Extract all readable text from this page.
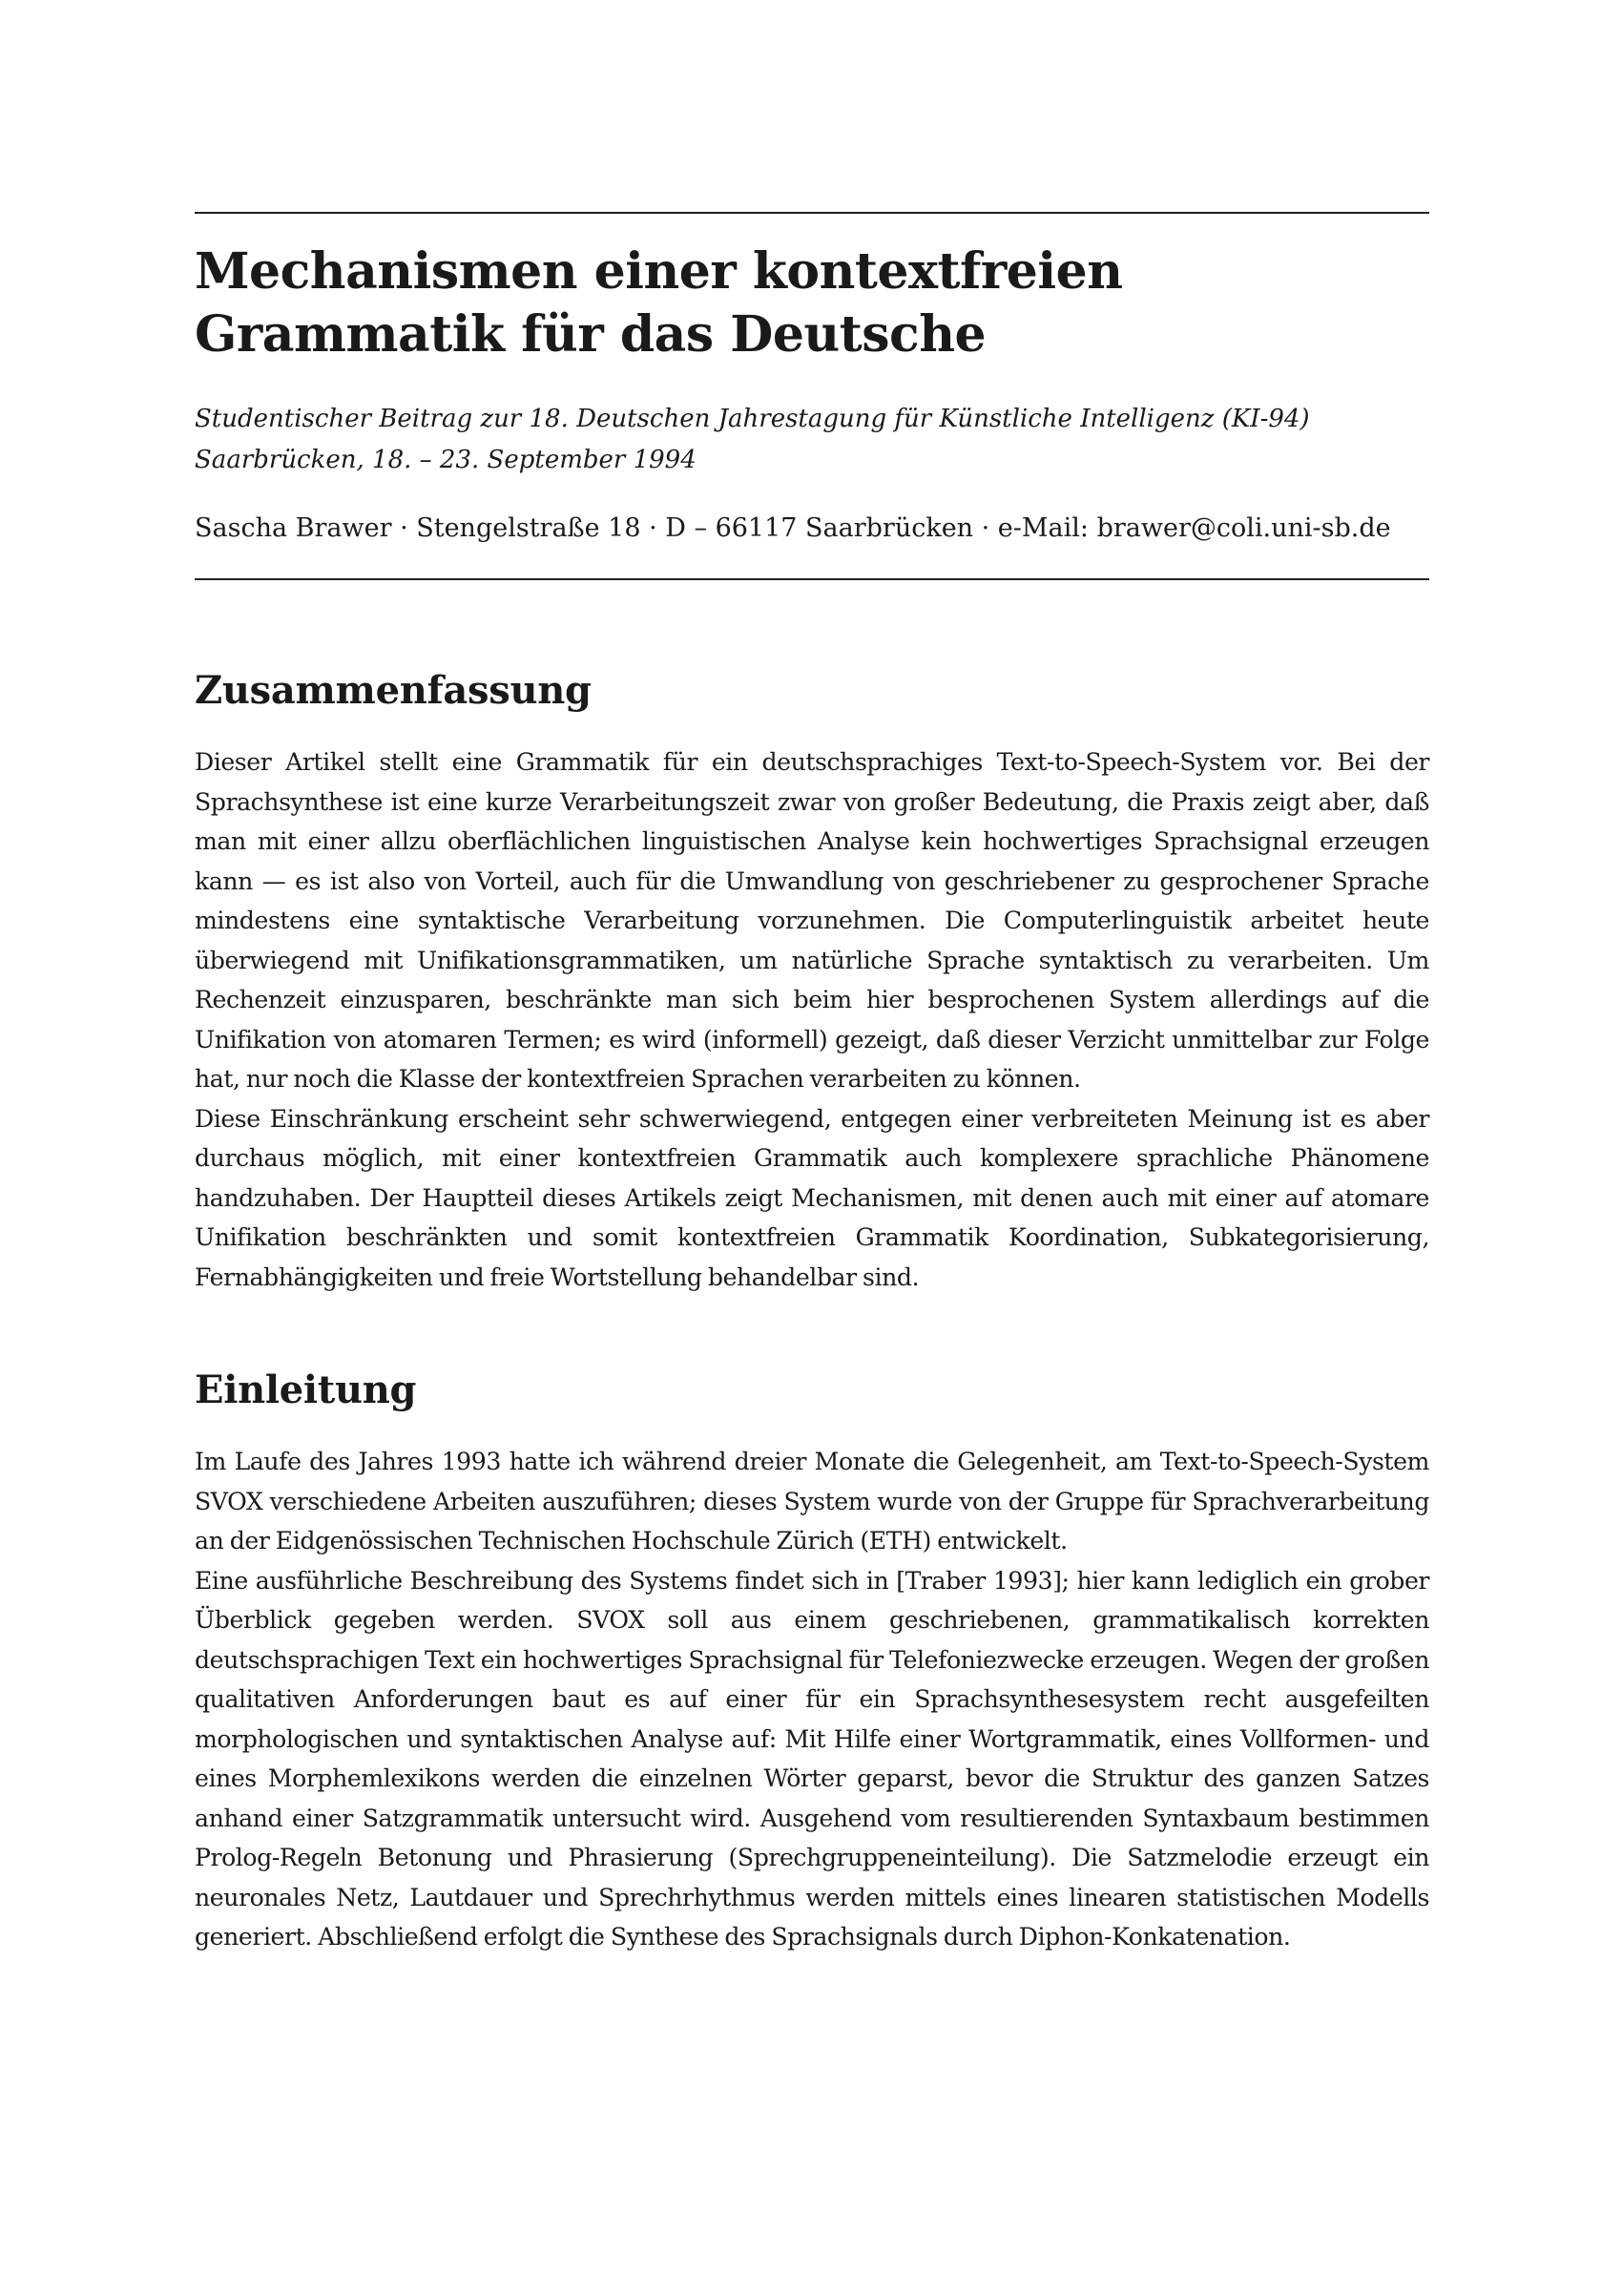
Mechanismen einer kontextfreien
Grammatik für das Deutsche
Studentischer Beitrag zur 18. Deutschen Jahrestagung für Künstliche Intelligenz (KI-94)
Saarbrücken, 18. – 23. September 1994
Sascha Brawer · Stengelstraße 18 · D – 66117 Saarbrücken · e-Mail: brawer@coli.uni-sb.de
Zusammenfassung

Dieser Artikel stellt eine Grammatik für ein deutschsprachiges Text-to-Speech-System vor. Bei der Sprachsynthese ist eine kurze Verarbeitungszeit zwar von großer Bedeutung, die Praxis zeigt aber, daß man mit einer allzu oberflächlichen linguistischen Analyse kein hochwertiges Sprachsignal erzeugen kann — es ist also von Vorteil, auch für die Umwandlung von geschriebener zu gesprochener Sprache mindestens eine syntaktische Verarbeitung vorzunehmen. Die Computerlinguistik arbeitet heute überwiegend mit Unifikationsgrammatiken, um natürliche Sprache syntaktisch zu verarbeiten. Um Rechenzeit einzusparen, beschränkte man sich beim hier besprochenen System allerdings auf die Unifikation von atomaren Termen; es wird (informell) gezeigt, daß dieser Verzicht unmittelbar zur Folge hat, nur noch die Klasse der kontextfreien Sprachen verarbeiten zu können.

Diese Einschränkung erscheint sehr schwerwiegend, entgegen einer verbreiteten Meinung ist es aber durchaus möglich, mit einer kontextfreien Grammatik auch komplexere sprachliche Phänomene handzuhaben. Der Hauptteil dieses Artikels zeigt Mechanismen, mit denen auch mit einer auf atomare Unifikation beschränkten und somit kontextfreien Grammatik Koordination, Subkategorisierung, Fernabhängigkeiten und freie Wortstellung behandelbar sind.

Einleitung

Im Laufe des Jahres 1993 hatte ich während dreier Monate die Gelegenheit, am Text-to-Speech-System SVOX verschiedene Arbeiten auszuführen; dieses System wurde von der Gruppe für Sprachverarbeitung an der Eidgenössischen Technischen Hochschule Zürich (ETH) entwickelt.

Eine ausführliche Beschreibung des Systems findet sich in [Traber 1993]; hier kann lediglich ein grober Überblick gegeben werden. SVOX soll aus einem geschriebenen, grammatikalisch korrekten deutschsprachigen Text ein hochwertiges Sprachsignal für Telefoniezwecke erzeugen. Wegen der großen qualitativen Anforderungen baut es auf einer für ein Sprachsynthesesystem recht ausgefeilten morphologischen und syntaktischen Analyse auf: Mit Hilfe einer Wortgrammatik, eines Vollformen- und eines Morphemlexikons werden die einzelnen Wörter geparst, bevor die Struktur des ganzen Satzes anhand einer Satzgrammatik untersucht wird. Ausgehend vom resultierenden Syntaxbaum bestimmen Prolog-Regeln Betonung und Phrasierung (Sprechgruppeneinteilung). Die Satzmelodie erzeugt ein neuronales Netz, Lautdauer und Sprechrhythmus werden mittels eines linearen statistischen Modells generiert. Abschließend erfolgt die Synthese des Sprachsignals durch Diphon-Konkatenation.
